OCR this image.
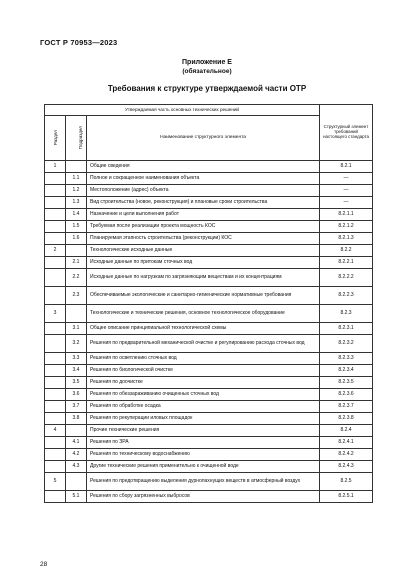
ГОСТ Р 70953—2023
Приложение Е
(обязательное)
Требования к структуре утверждаемой части ОТР
Утверждаемая часть основных технических решений			Структурный элемент требований настоящего стандарта
Раздел	Подраздел	Наименование структурного элемента	
1		Общие сведения	8.2.1
	1.1	Полное и сокращенное наименования объекта	—
	1.2	Местоположение (адрес) объекта	—
	1.3	Вид строительства (новое, реконструкция) и плановые сроки строительства	—
	1.4	Назначение и цели выполнения работ	8.2.1.1
	1.5	Требуемая после реализации проекта мощность КОС	8.2.1.2
	1.6	Планируемая этапность строительства (реконструкции) КОС	8.2.1.3
2		Технологические исходные данные	8.2.2
	2.1	Исходные данные по притокам сточных вод	8.2.2.1
	2.2	Исходные данные по нагрузкам по загрязняющим веществам и их концентрациям	8.2.2.2
	2.3	Обеспечиваемые экологические и санитарно-гигиенические нормативные требования	8.2.2.3
3		Технологические и технические решения, основное технологическое оборудование	8.2.3
	3.1	Общее описание принципиальной технологической схемы	8.2.3.1
	3.2	Решения по предварительной механической очистке и регулированию расхода сточных вод	8.2.3.2
	3.3	Решения по осветлению сточных вод	8.2.3.3
	3.4	Решения по биологической очистке	8.2.3.4
	3.5	Решения по доочистке	8.2.3.5
	3.6	Решения по обеззараживанию очищенных сточных вод	8.2.3.6
	3.7	Решения по обработке осадка	8.2.3.7
	3.8	Решения по рекуперации иловых площадок	8.2.3.8
4		Прочие технические решения	8.2.4
	4.1	Решения по ЗРА	8.2.4.1
	4.2	Решения по техническому водоснабжению	8.2.4.2
	4.3	Другие технические решения применительно к очищенной воде	8.2.4.3
5		Решения по предотвращению выделения дурнопахнущих веществ в атмосферный воздух	8.2.5
	5.1	Решения по сбору загрязненных выбросов	8.2.5.1
28
